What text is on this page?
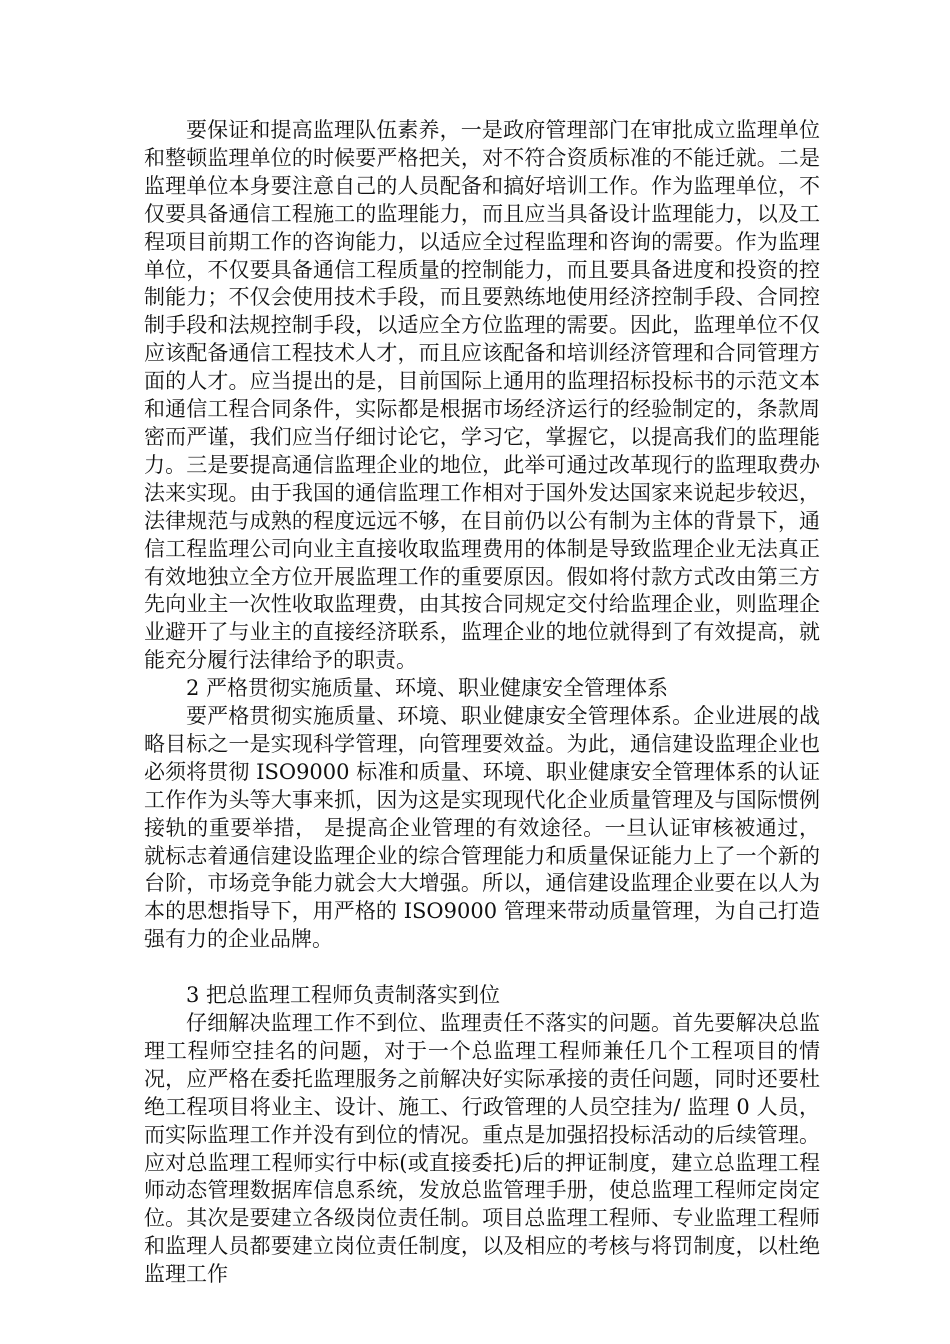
要保证和提高监理队伍素养，一是政府管理部门在审批成立监理单位和整顿监理单位的时候要严格把关，对不符合资质标准的不能迁就。二是监理单位本身要注意自己的人员配备和搞好培训工作。作为监理单位，不仅要具备通信工程施工的监理能力，而且应当具备设计监理能力，以及工程项目前期工作的咨询能力，以适应全过程监理和咨询的需要。作为监理单位，不仅要具备通信工程质量的控制能力，而且要具备进度和投资的控制能力；不仅会使用技术手段，而且要熟练地使用经济控制手段、合同控制手段和法规控制手段，以适应全方位监理的需要。因此，监理单位不仅应该配备通信工程技术人才，而且应该配备和培训经济管理和合同管理方面的人才。应当提出的是，目前国际上通用的监理招标投标书的示范文本和通信工程合同条件，实际都是根据市场经济运行的经验制定的，条款周密而严谨，我们应当仔细讨论它，学习它，掌握它，以提高我们的监理能力。三是要提高通信监理企业的地位，此举可通过改革现行的监理取费办法来实现。由于我国的通信监理工作相对于国外发达国家来说起步较迟，法律规范与成熟的程度远远不够，在目前仍以公有制为主体的背景下，通信工程监理公司向业主直接收取监理费用的体制是导致监理企业无法真正有效地独立全方位开展监理工作的重要原因。假如将付款方式改由第三方先向业主一次性收取监理费，由其按合同规定交付给监理企业，则监理企业避开了与业主的直接经济联系，监理企业的地位就得到了有效提高，就能充分履行法律给予的职责。

2 严格贯彻实施质量、环境、职业健康安全管理体系

要严格贯彻实施质量、环境、职业健康安全管理体系。企业进展的战略目标之一是实现科学管理，向管理要效益。为此，通信建设监理企业也必须将贯彻 ISO9000 标准和质量、环境、职业健康安全管理体系的认证工作作为头等大事来抓，因为这是实现现代化企业质量管理及与国际惯例接轨的重要举措， 是提高企业管理的有效途径。一旦认证审核被通过，就标志着通信建设监理企业的综合管理能力和质量保证能力上了一个新的台阶，市场竞争能力就会大大增强。所以，通信建设监理企业要在以人为本的思想指导下，用严格的 ISO9000 管理来带动质量管理，为自己打造强有力的企业品牌。

3 把总监理工程师负责制落实到位

仔细解决监理工作不到位、监理责任不落实的问题。首先要解决总监理工程师空挂名的问题，对于一个总监理工程师兼任几个工程项目的情况，应严格在委托监理服务之前解决好实际承接的责任问题，同时还要杜绝工程项目将业主、设计、施工、行政管理的人员空挂为/ 监理 0 人员，而实际监理工作并没有到位的情况。重点是加强招投标活动的后续管理。应对总监理工程师实行中标(或直接委托)后的押证制度，建立总监理工程师动态管理数据库信息系统，发放总监管理手册，使总监理工程师定岗定位。其次是要建立各级岗位责任制。项目总监理工程师、专业监理工程师和监理人员都要建立岗位责任制度，以及相应的考核与将罚制度，以杜绝监理工作
